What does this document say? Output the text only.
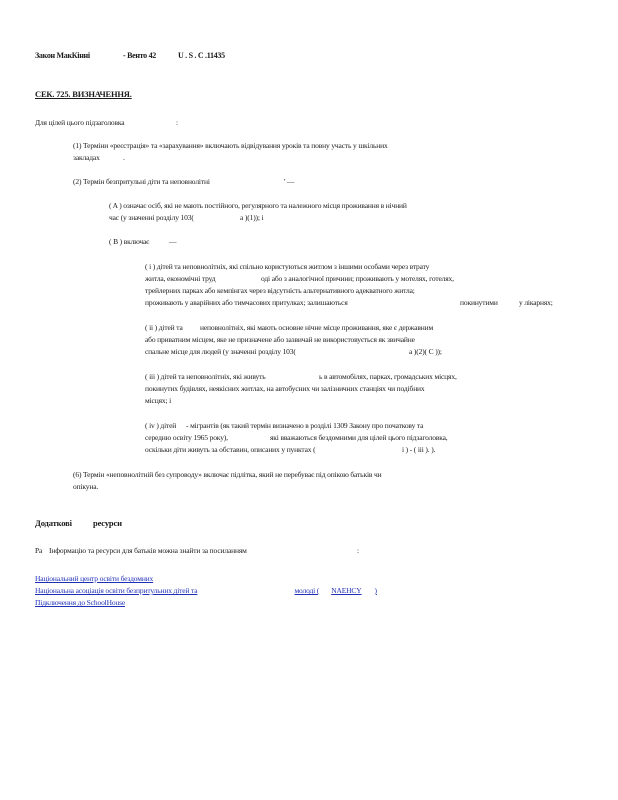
Закон МакКінні	- Венто 42	U . S . C .11435
СЕК. 725. ВИЗНАЧЕННЯ.
Для цілей цього підзаголовка	:
(1) Терміни «реєстрація» та «зарахування» включають відвідування уроків та повну участь у шкільних
закладах	.
(2) Термін безпритульні діти та неповнолітні	' —
( A ) означає осіб, які не мають постійного, регулярного та належного місця проживання в нічний
час (у значенні розділу 103(	а )(1)); і
( B ) включає	—
( i ) дітей та неповнолітніх, які спільно користуються житлом з іншими особами через втрату
житла, економічні труд	оді або з аналогічної причини; проживають у мотелях, готелях,
трейлерних парках або кемпінгах через відсутність альтернативного адекватного житла;
проживають у аварійних або тимчасових притулках; залишаються	покинутими	у лікарнях;
( ii ) дітей та неповнолітніх, які мають основне нічне місце проживання, яке є державним
або приватним місцем, яке не призначене або зазвичай не використовується як звичайне
спальне місце для людей (у значенні розділу 103(	а )(2)( С ));
( iii ) дітей та неповнолітніх, які живуть	ь в автомобілях, парках, громадських місцях,
покинутих будівлях, неякісних житлах, на автобусних чи залізничних станціях чи подібних
місцях; і
( iv ) дітей - мігрантів (як такий термін визначено в розділі 1309 Закону про початкову та
середню освіту 1965 року),	які вважаються бездомними для цілей цього підзаголовка,
оскільки діти живуть за обставин, описаних у пунктах (	i ) - ( iii ). ).
(6) Термін «неповнолітній без супроводу» включає підлітка, який не перебуває під опікою батьків чи
опікуна.
Додаткові ресурси
Ра Інформацію та ресурси для батьків можна знайти за посиланням	:
Національний центр освіти бездомних
Національна асоціація освіти безпритульних дітей та	молоді ( NAEHCY )
Підключення до SchoolHouse
